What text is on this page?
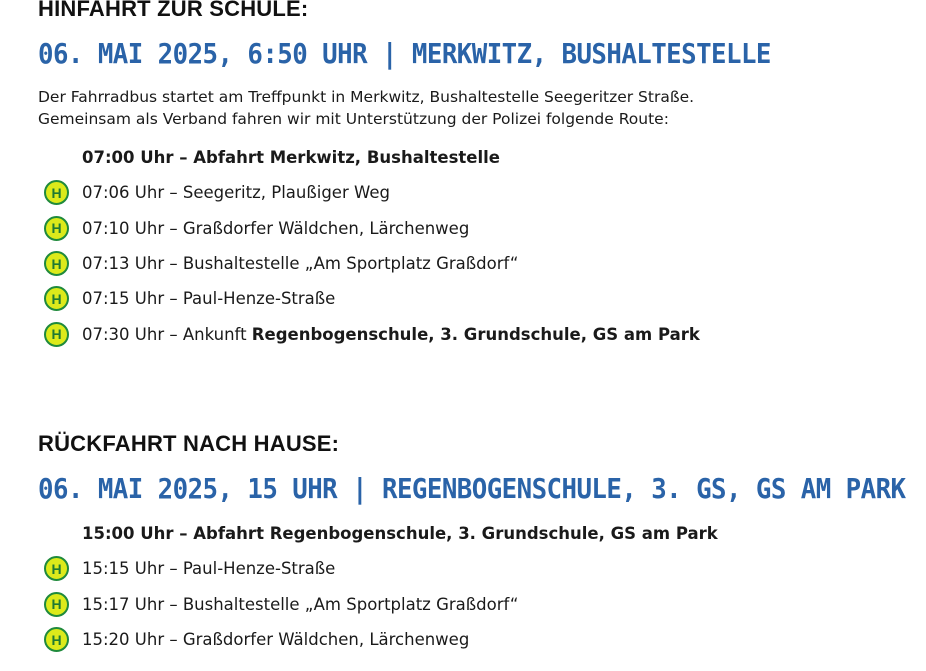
HINFAHRT ZUR SCHULE:
06. MAI 2025, 6:50 UHR | MERKWITZ, BUSHALTESTELLE
Der Fahrradbus startet am Treffpunkt in Merkwitz, Bushaltestelle Seegeritzer Straße.
Gemeinsam als Verband fahren wir mit Unterstützung der Polizei folgende Route:
07:00 Uhr – Abfahrt Merkwitz, Bushaltestelle
H 07:06 Uhr – Seegeritz, Plaußiger Weg
H 07:10 Uhr – Graßdorfer Wäldchen, Lärchenweg
H 07:13 Uhr – Bushaltestelle „Am Sportplatz Graßdorf“
H 07:15 Uhr – Paul-Henze-Straße
H 07:30 Uhr – Ankunft Regenbogenschule, 3. Grundschule, GS am Park
RÜCKFAHRT NACH HAUSE:
06. MAI 2025, 15 UHR | REGENBOGENSCHULE, 3. GS, GS AM PARK
15:00 Uhr – Abfahrt Regenbogenschule, 3. Grundschule, GS am Park
H 15:15 Uhr – Paul-Henze-Straße
H 15:17 Uhr – Bushaltestelle „Am Sportplatz Graßdorf“
H 15:20 Uhr – Graßdorfer Wäldchen, Lärchenweg
